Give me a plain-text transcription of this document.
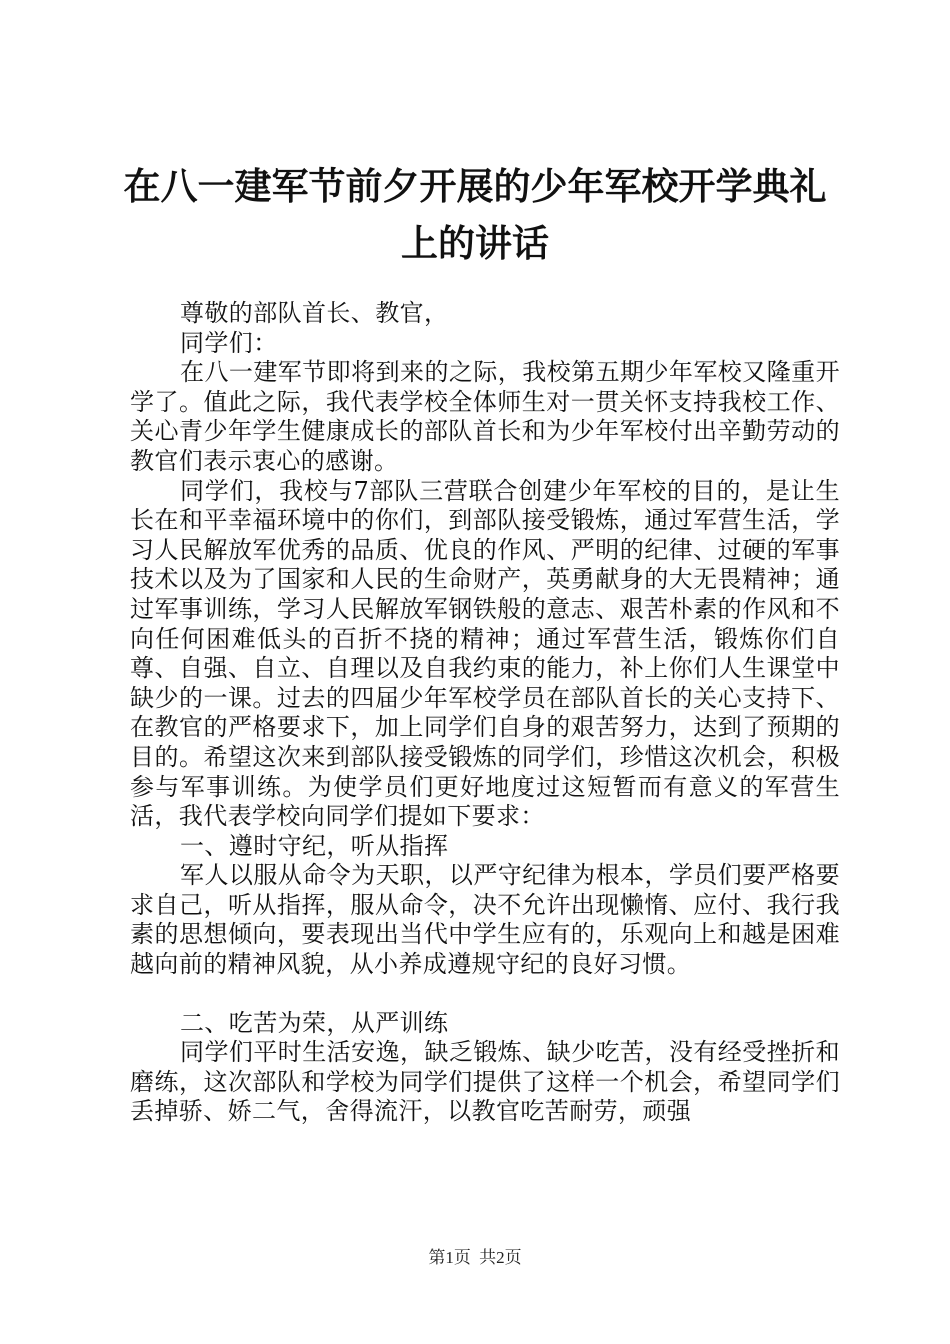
在八一建军节前夕开展的少年军校开学典礼上的讲话

尊敬的部队首长、教官，

同学们：

在八一建军节即将到来的之际，我校第五期少年军校又隆重开学了。值此之际，我代表学校全体师生对一贯关怀支持我校工作、关心青少年学生健康成长的部队首长和为少年军校付出辛勤劳动的教官们表示衷心的感谢。

同学们，我校与7部队三营联合创建少年军校的目的，是让生长在和平幸福环境中的你们，到部队接受锻炼，通过军营生活，学习人民解放军优秀的品质、优良的作风、严明的纪律、过硬的军事技术以及为了国家和人民的生命财产，英勇献身的大无畏精神；通过军事训练，学习人民解放军钢铁般的意志、艰苦朴素的作风和不向任何困难低头的百折不挠的精神；通过军营生活，锻炼你们自尊、自强、自立、自理以及自我约束的能力，补上你们人生课堂中缺少的一课。过去的四届少年军校学员在部队首长的关心支持下、在教官的严格要求下，加上同学们自身的艰苦努力，达到了预期的目的。希望这次来到部队接受锻炼的同学们，珍惜这次机会，积极参与军事训练。为使学员们更好地度过这短暂而有意义的军营生活，我代表学校向同学们提如下要求：

一、遵时守纪，听从指挥

军人以服从命令为天职，以严守纪律为根本，学员们要严格要求自己，听从指挥，服从命令，决不允许出现懒惰、应付、我行我素的思想倾向，要表现出当代中学生应有的，乐观向上和越是困难越向前的精神风貌，从小养成遵规守纪的良好习惯。

二、吃苦为荣，从严训练

同学们平时生活安逸，缺乏锻炼、缺少吃苦，没有经受挫折和磨练，这次部队和学校为同学们提供了这样一个机会，希望同学们丢掉骄、娇二气，舍得流汗，以教官吃苦耐劳，顽强

第1页 共2页
